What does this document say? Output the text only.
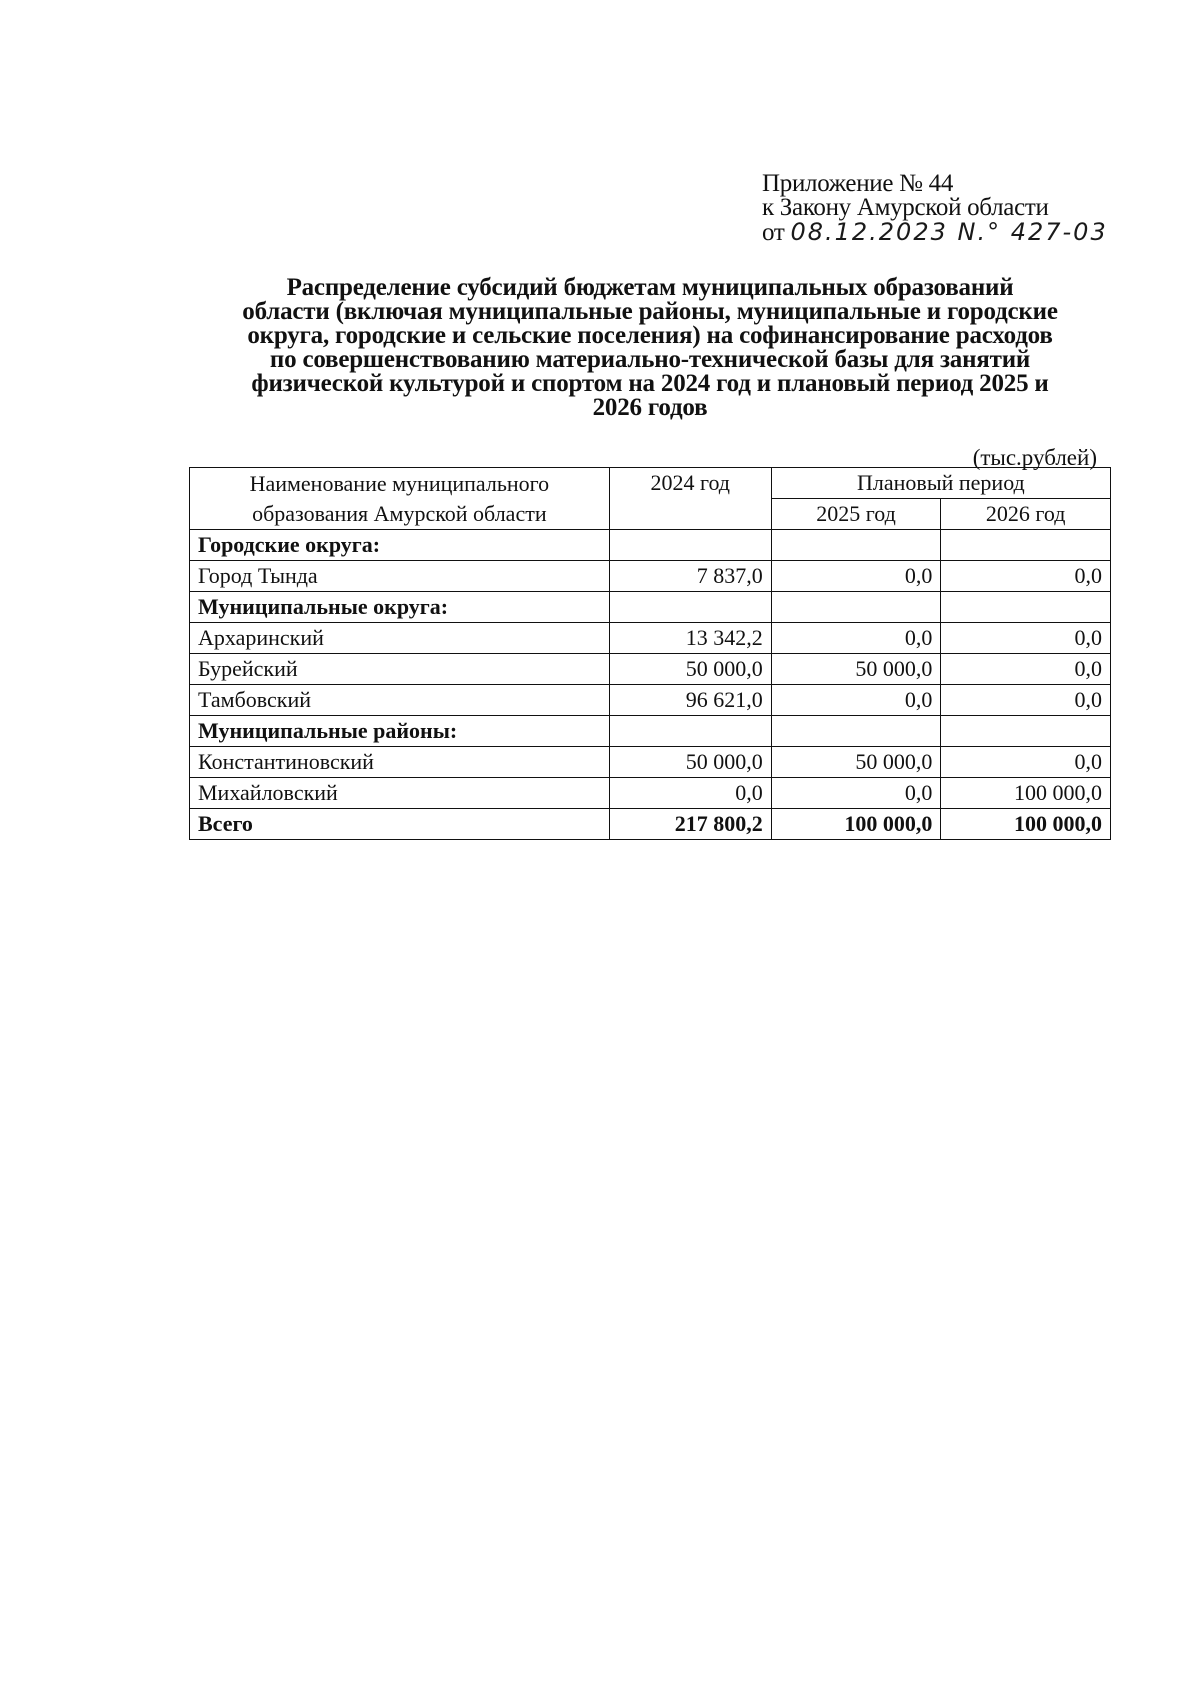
Приложение № 44
к Закону Амурской области
от 08.12.2023 N.° 427-03
Распределение субсидий бюджетам муниципальных образований
области (включая муниципальные районы, муниципальные и городские
округа, городские и сельские поселения) на софинансирование расходов
по совершенствованию материально-технической базы для занятий
физической культурой и спортом на 2024 год и плановый период 2025 и
2026 годов
(тыс.рублей)
Наименование муниципального
образования Амурской области	2024 год	Плановый период	
		2025 год	2026 год
Городские округа:			
Город Тында	7 837,0	0,0	0,0
Муниципальные округа:			
Архаринский	13 342,2	0,0	0,0
Бурейский	50 000,0	50 000,0	0,0
Тамбовский	96 621,0	0,0	0,0
Муниципальные районы:			
Константиновский	50 000,0	50 000,0	0,0
Михайловский	0,0	0,0	100 000,0
Всего	217 800,2	100 000,0	100 000,0
